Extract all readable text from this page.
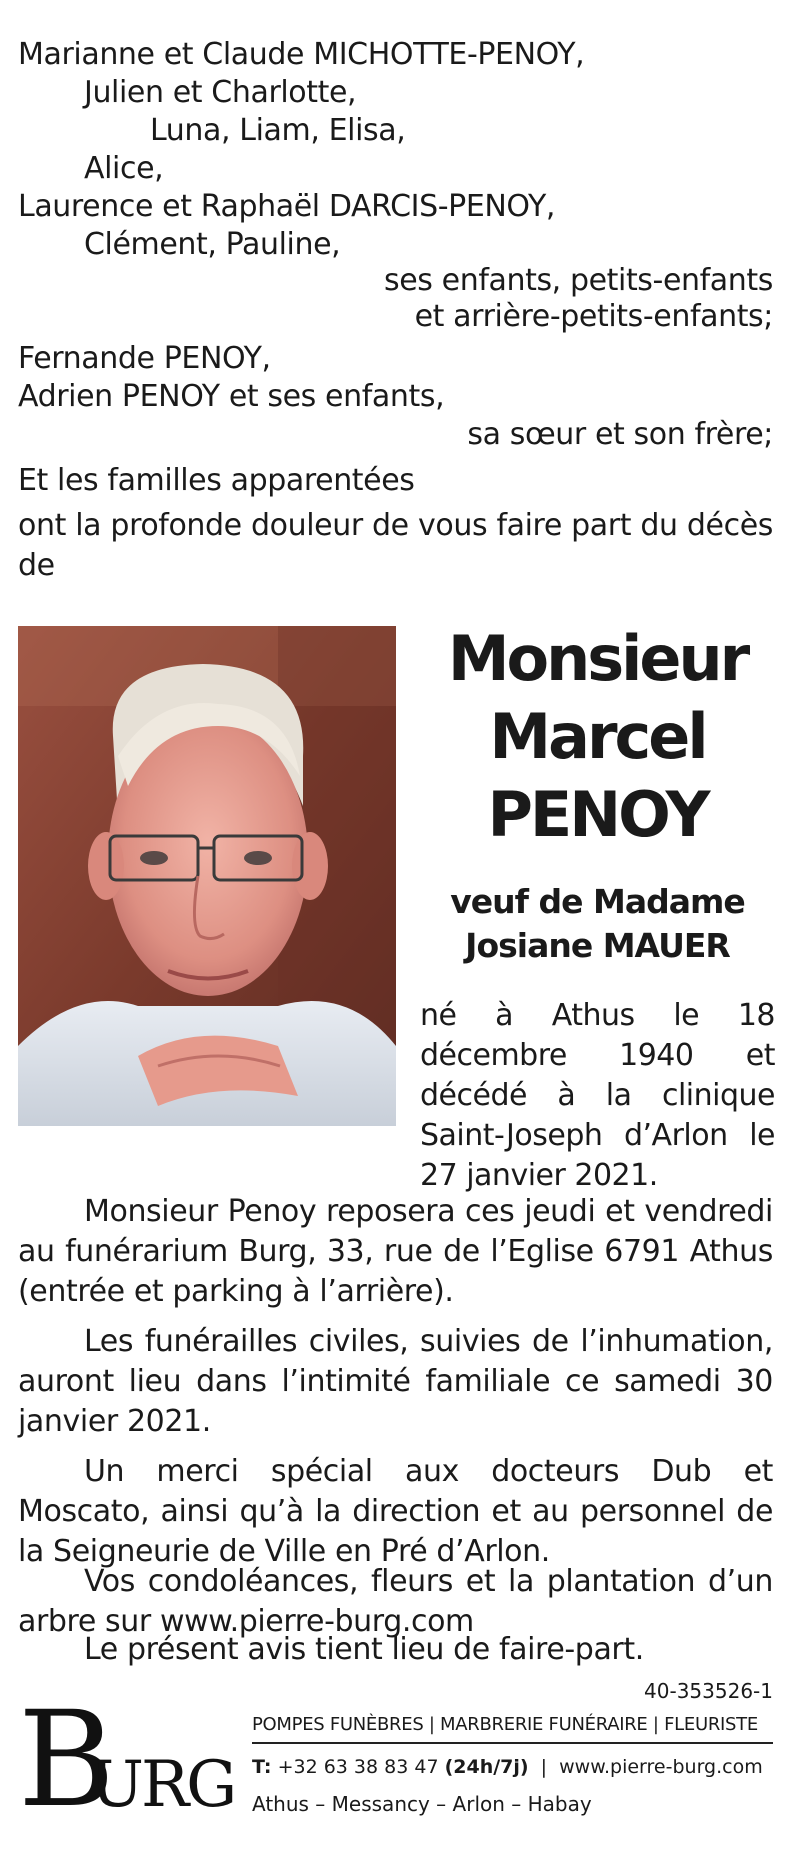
Marianne et Claude MICHOTTE-PENOY,
Julien et Charlotte,
Luna, Liam, Elisa,
Alice,
Laurence et Raphaël DARCIS-PENOY,
Clément, Pauline,
ses enfants, petits-enfants
et arrière-petits-enfants;
Fernande PENOY,
Adrien PENOY et ses enfants,
sa sœur et son frère;
Et les familles apparentées
ont la profonde douleur de vous faire part du décès de
Monsieur
Marcel
PENOY
veuf de Madame
Josiane MAUER
né à Athus le 18 décembre 1940 et décédé à la clinique Saint-Joseph d’Arlon le 27 janvier 2021.
Monsieur Penoy reposera ces jeudi et vendredi au funérarium Burg, 33, rue de l’Eglise 6791 Athus (entrée et parking à l’arrière).
Les funérailles civiles, suivies de l’inhumation, auront lieu dans l’intimité familiale ce samedi 30 janvier 2021.
Un merci spécial aux docteurs Dub et Moscato, ainsi qu’à la direction et au personnel de la Seigneurie de Ville en Pré d’Arlon.
Vos condoléances, fleurs et la plantation d’un arbre sur www.pierre-burg.com
Le présent avis tient lieu de faire-part.
40-353526-1
B
URG
POMPES FUNÈBRES | MARBRERIE FUNÉRAIRE | FLEURISTE
T: +32 63 38 83 47 (24h/7j) | www.pierre-burg.com
Athus – Messancy – Arlon – Habay
